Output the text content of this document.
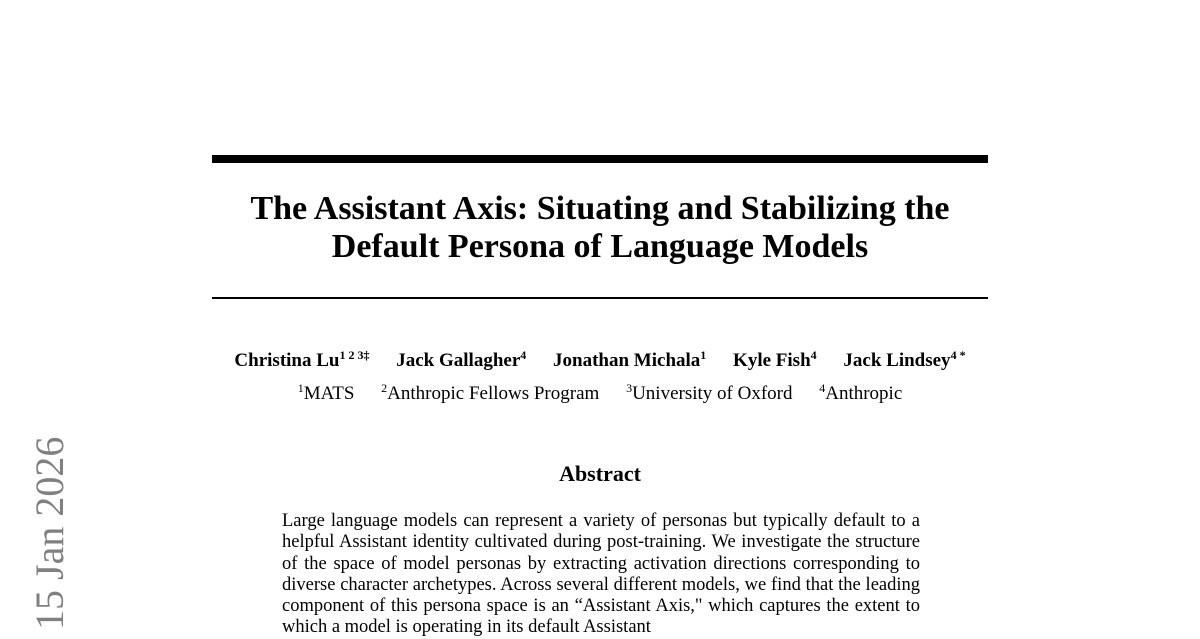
15 Jan 2026
The Assistant Axis: Situating and Stabilizing the
Default Persona of Language Models
Christina $Lu^{1 2 3\ddagger}$ Jack Gallagher$^4$ Jonathan Michala$^1$ Kyle Fish$^4$ Jack Lindsey$^{4 *}$
$^1$MATS $^2$Anthropic Fellows Program $^3$University of Oxford $^4$Anthropic
Abstract
Large language models can represent a variety of personas but typically default to a helpful Assistant identity cultivated during post-training. We investigate the structure of the space of model personas by extracting activation directions corresponding to diverse character archetypes. Across several different models, we find that the leading component of this persona space is an “Assistant Axis," which captures the extent to which a model is operating in its default Assistant
